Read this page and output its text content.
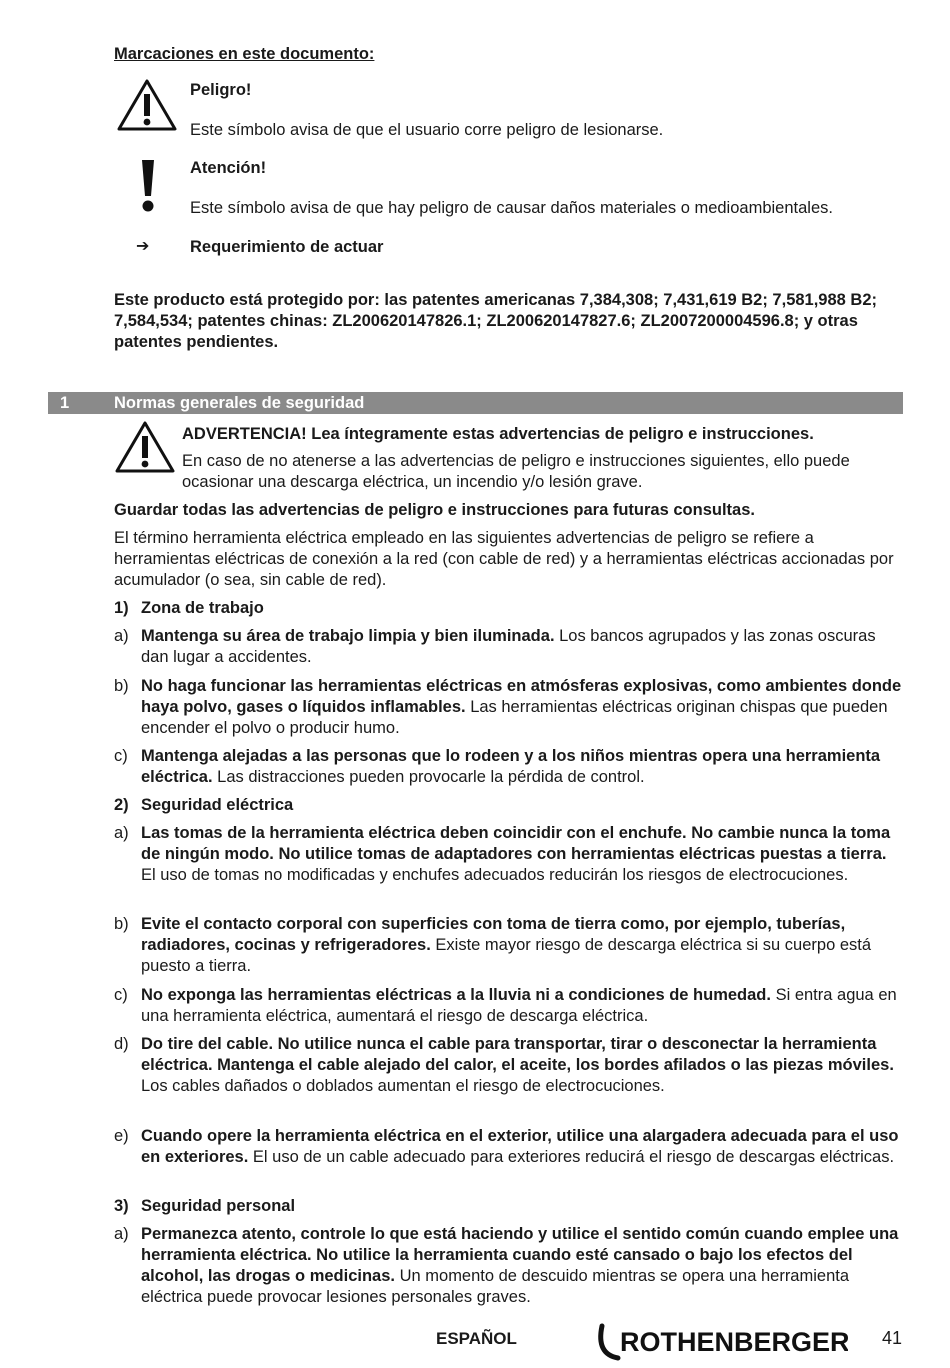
Marcaciones en este documento:
Peligro!
Este símbolo avisa de que el usuario corre peligro de lesionarse.
Atención!
Este símbolo avisa de que hay peligro de causar daños materiales o medioambientales.
➔ Requerimiento de actuar
Este producto está protegido por: las patentes americanas 7,384,308; 7,431,619 B2; 7,581,988 B2; 7,584,534; patentes chinas: ZL200620147826.1; ZL200620147827.6; ZL2007200004596.8; y otras patentes pendientes.
1	Normas generales de seguridad
ADVERTENCIA! Lea íntegramente estas advertencias de peligro e instrucciones.
En caso de no atenerse a las advertencias de peligro e instrucciones siguientes, ello puede ocasionar una descarga eléctrica, un incendio y/o lesión grave.
Guardar todas las advertencias de peligro e instrucciones para futuras consultas.
El término herramienta eléctrica empleado en las siguientes advertencias de peligro se refiere a herramientas eléctricas de conexión a la red (con cable de red) y a herramientas eléctricas accionadas por acumulador (o sea, sin cable de red).
1) Zona de trabajo
a) Mantenga su área de trabajo limpia y bien iluminada. Los bancos agrupados y las zonas oscuras dan lugar a accidentes.
b) No haga funcionar las herramientas eléctricas en atmósferas explosivas, como ambientes donde haya polvo, gases o líquidos inflamables. Las herramientas eléctricas originan chispas que pueden encender el polvo o producir humo.
c) Mantenga alejadas a las personas que lo rodeen y a los niños mientras opera una herramienta eléctrica. Las distracciones pueden provocarle la pérdida de control.
2) Seguridad eléctrica
a) Las tomas de la herramienta eléctrica deben coincidir con el enchufe. No cambie nunca la toma de ningún modo. No utilice tomas de adaptadores con herramientas eléctricas puestas a tierra. El uso de tomas no modificadas y enchufes adecuados reducirán los riesgos de electrocuciones.
b) Evite el contacto corporal con superficies con toma de tierra como, por ejemplo, tuberías, radiadores, cocinas y refrigeradores. Existe mayor riesgo de descarga eléctrica si su cuerpo está puesto a tierra.
c) No exponga las herramientas eléctricas a la lluvia ni a condiciones de humedad. Si entra agua en una herramienta eléctrica, aumentará el riesgo de descarga eléctrica.
d) Do tire del cable. No utilice nunca el cable para transportar, tirar o desconectar la herramienta eléctrica. Mantenga el cable alejado del calor, el aceite, los bordes afilados o las piezas móviles. Los cables dañados o doblados aumentan el riesgo de electrocuciones.
e) Cuando opere la herramienta eléctrica en el exterior, utilice una alargadera adecuada para el uso en exteriores. El uso de un cable adecuado para exteriores reducirá el riesgo de descargas eléctricas.
3) Seguridad personal
a) Permanezca atento, controle lo que está haciendo y utilice el sentido común cuando emplee una herramienta eléctrica. No utilice la herramienta cuando esté cansado o bajo los efectos del alcohol, las drogas o medicinas. Un momento de descuido mientras se opera una herramienta eléctrica puede provocar lesiones personales graves.
ESPAÑOL	ROTHENBERGER 41
